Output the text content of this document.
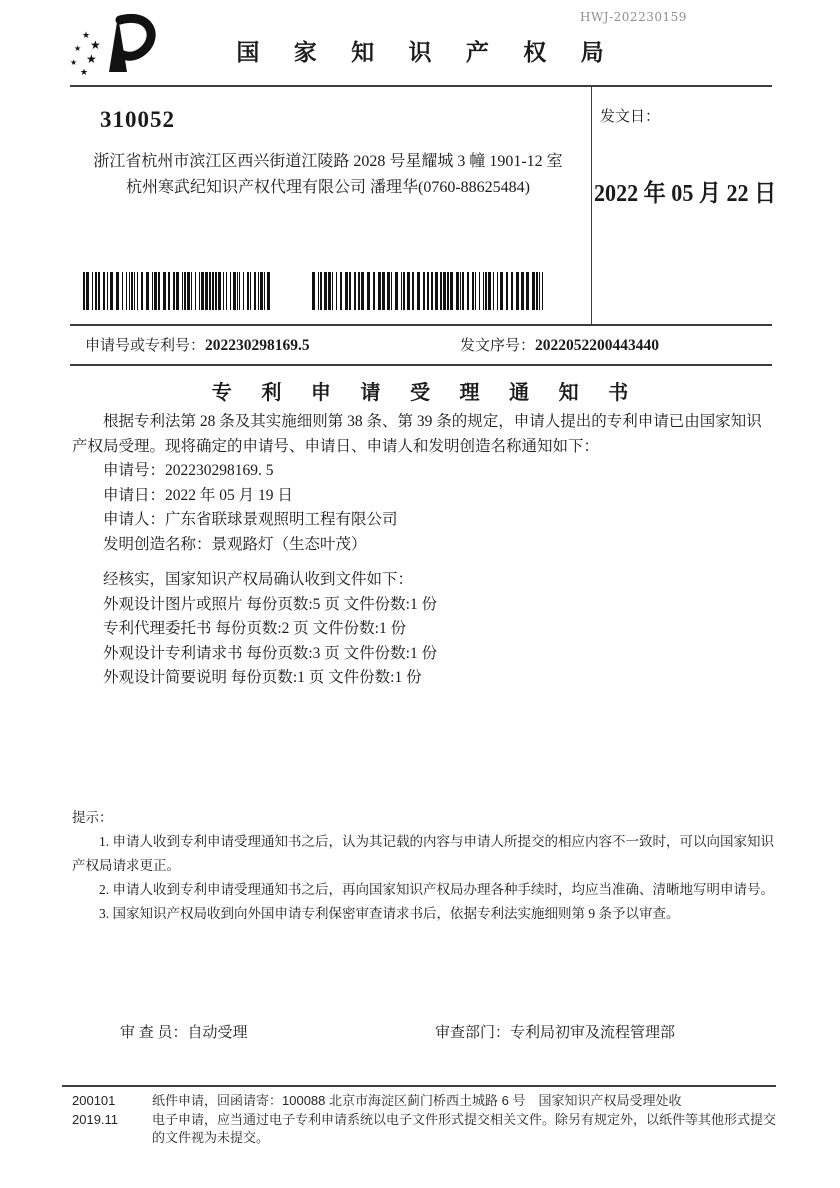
HWJ-202230159
★
★
★
★
★
★
国 家 知 识 产 权 局
310052
浙江省杭州市滨江区西兴街道江陵路 2028 号星耀城 3 幢 1901-12 室
杭州寒武纪知识产权代理有限公司 潘理华(0760-88625484)
发文日：
2022 年 05 月 22 日
申请号或专利号：202230298169.5	发文序号：2022052200443440
专 利 申 请 受 理 通 知 书

根据专利法第 28 条及其实施细则第 38 条、第 39 条的规定，申请人提出的专利申请已由国家知识产权局受理。现将确定的申请号、申请日、申请人和发明创造名称通知如下：

申请号：202230298169. 5

申请日：2022 年 05 月 19 日

申请人：广东省联球景观照明工程有限公司

发明创造名称：景观路灯（生态叶茂）

经核实，国家知识产权局确认收到文件如下：

外观设计图片或照片 每份页数:5 页 文件份数:1 份

专利代理委托书 每份页数:2 页 文件份数:1 份

外观设计专利请求书 每份页数:3 页 文件份数:1 份

外观设计简要说明 每份页数:1 页 文件份数:1 份

提示：

1. 申请人收到专利申请受理通知书之后，认为其记载的内容与申请人所提交的相应内容不一致时，可以向国家知识产权局请求更正。

2. 申请人收到专利申请受理通知书之后，再向国家知识产权局办理各种手续时，均应当准确、清晰地写明申请号。

3. 国家知识产权局收到向外国申请专利保密审查请求书后，依据专利法实施细则第 9 条予以审查。

审 查 员：自动受理	审查部门：专利局初审及流程管理部
200101	纸件申请，回函请寄：100088 北京市海淀区蓟门桥西土城路 6 号　国家知识产权局受理处收
2019.11	电子申请，应当通过电子专利申请系统以电子文件形式提交相关文件。除另有规定外，以纸件等其他形式提交的文件视为未提交。
